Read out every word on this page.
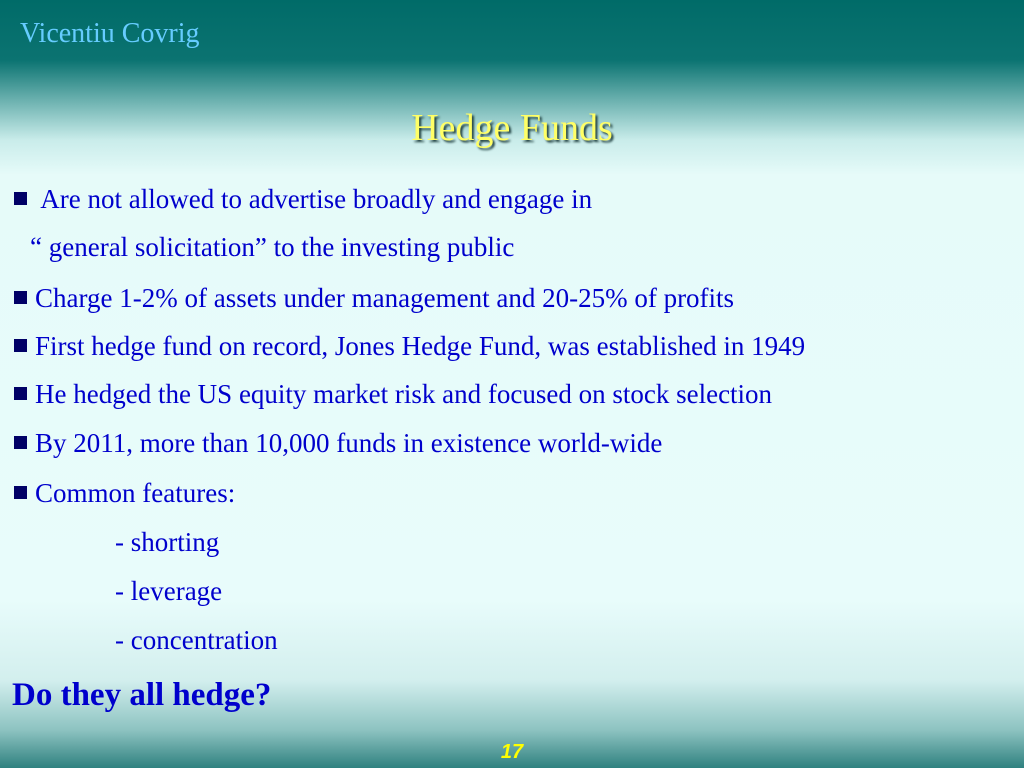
Vicentiu Covrig
Hedge Funds
Are not allowed to advertise broadly and engage in
“ general solicitation” to the investing public
Charge 1-2% of assets under management and 20-25% of profits
First hedge fund on record, Jones Hedge Fund, was established in 1949
He hedged the US equity market risk and focused on stock selection
By 2011, more than 10,000 funds in existence world-wide
Common features:
- shorting
- leverage
- concentration
Do they all hedge?
17
